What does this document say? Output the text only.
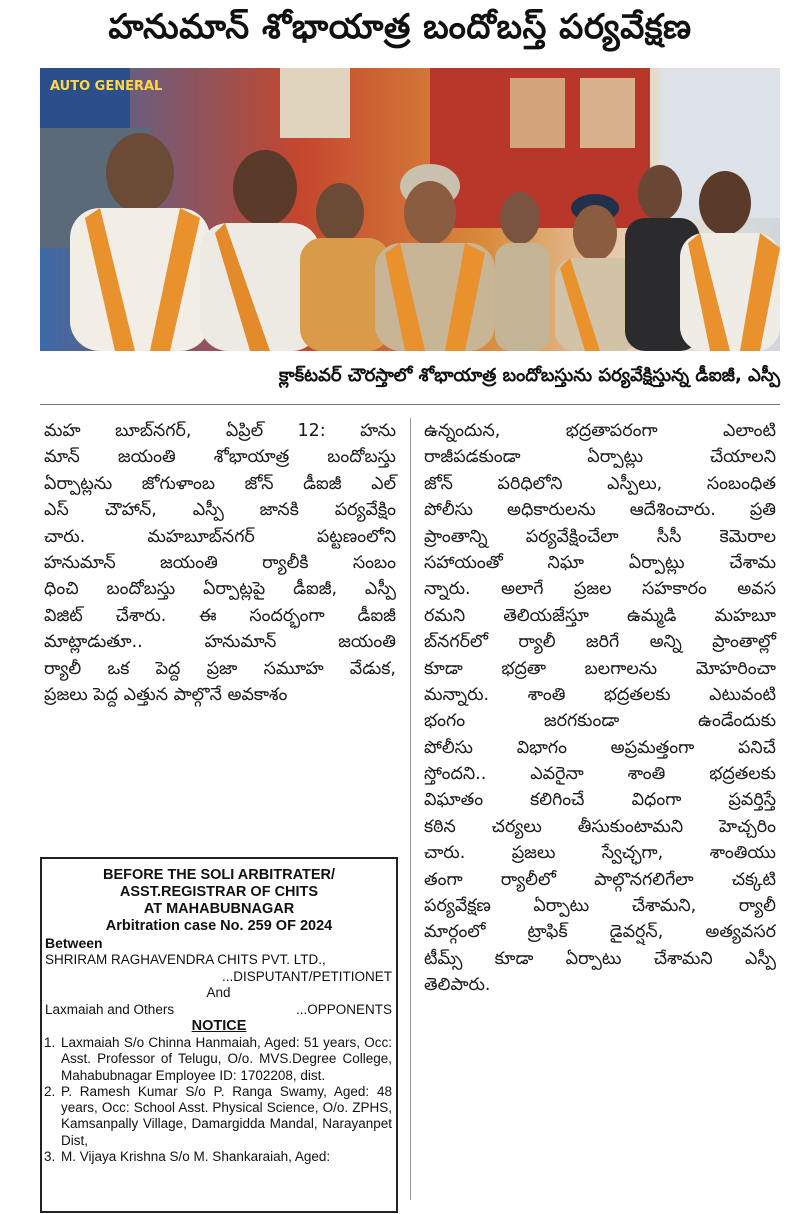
హనుమాన్ శోభాయాత్ర బందోబస్త్ పర్యవేక్షణ
AUTO GENERAL
క్లాక్‌టవర్ చౌరస్తాలో శోభాయాత్ర బందోబస్తును పర్యవేక్షిస్తున్న డీఐజీ, ఎస్పీ
మహ బూబ్‌నగర్, ఏప్రిల్ 12: హను
మాన్ జయంతి శోభాయాత్ర బందోబస్తు
ఏర్పాట్లను జోగుళాంబ జోన్ డీఐజీ ఎల్
ఎస్ చౌహాన్, ఎస్పీ జానకి పర్యవేక్షిం
చారు.	మహబూబ్‌నగర్	పట్టణంలోని
హనుమాన్	జయంతి	ర్యాలీకి	సంబం
ధించి బందోబస్తు ఏర్పాట్లపై డీఐజీ, ఎస్పీ
విజిట్ చేశారు. ఈ సందర్భంగా డీఐజీ
మాట్లాడుతూ..	హనుమాన్	జయంతి
ర్యాలీ ఒక పెద్ద ప్రజా సమూహ వేడుక,
ప్రజలు పెద్ద ఎత్తున పాల్గొనే అవకాశం
ఉన్నందున,	భద్రతాపరంగా	ఎలాంటి
రాజీపడకుండా	ఏర్పాట్లు	చేయాలని
జోన్	పరిధిలోని	ఎస్పీలు,	సంబంధిత
పోలీసు అధికారులను ఆదేశించారు. ప్రతి
ప్రాంతాన్ని పర్యవేక్షించేలా సీసీ కెమెరాల
సహాయంతో	నిఘా	ఏర్పాట్లు	చేశామ
న్నారు. అలాగే ప్రజల సహకారం అవస
రమని తెలియజేస్తూ ఉమ్మడి మహబూ
బ్‌నగర్‌లో ర్యాలీ జరిగే అన్ని ప్రాంతాల్లో
కూడా భద్రతా బలగాలను మోహరించా
మన్నారు. శాంతి భద్రతలకు ఎటువంటి
భంగం	జరగకుండా	ఉండేందుకు
పోలీసు విభాగం అప్రమత్తంగా పనిచే
స్తోందని..	ఎవరైనా	శాంతి	భద్రతలకు
విఘాతం	కలిగించే	విధంగా	ప్రవర్తిస్తే
కఠిన చర్యలు తీసుకుంటామని హెచ్చరిం
చారు.	ప్రజలు	స్వేచ్ఛగా,	శాంతియు
తంగా ర్యాలీలో పాల్గొనగలిగేలా చక్కటి
పర్యవేక్షణ ఏర్పాటు చేశామని, ర్యాలీ
మార్గంలో ట్రాఫిక్ డైవర్షన్, అత్యవసర
టీమ్స్ కూడా ఏర్పాటు చేశామని ఎస్పీ
తెలిపారు.
BEFORE THE SOLI ARBITRATER/
ASST.REGISTRAR OF CHITS
AT MAHABUBNAGAR
Arbitration case No. 259 OF 2024
Between
SHRIRAM RAGHAVENDRA CHITS PVT. LTD.,
...DISPUTANT/PETITIONET
And
Laxmaiah and Others	...OPPONENTS
NOTICE
1. Laxmaiah S/o Chinna Hanmaiah, Aged: 51 years, Occ: Asst. Professor of Telugu, O/o. MVS.Degree College, Mahabubnagar Employee ID: 1702208, dist.
2. P. Ramesh Kumar S/o P. Ranga Swamy, Aged: 48 years, Occ: School Asst. Physical Science, O/o. ZPHS, Kamsanpally Village, Damargidda Mandal, Narayanpet Dist,
3. M. Vijaya Krishna S/o M. Shankaraiah, Aged:
